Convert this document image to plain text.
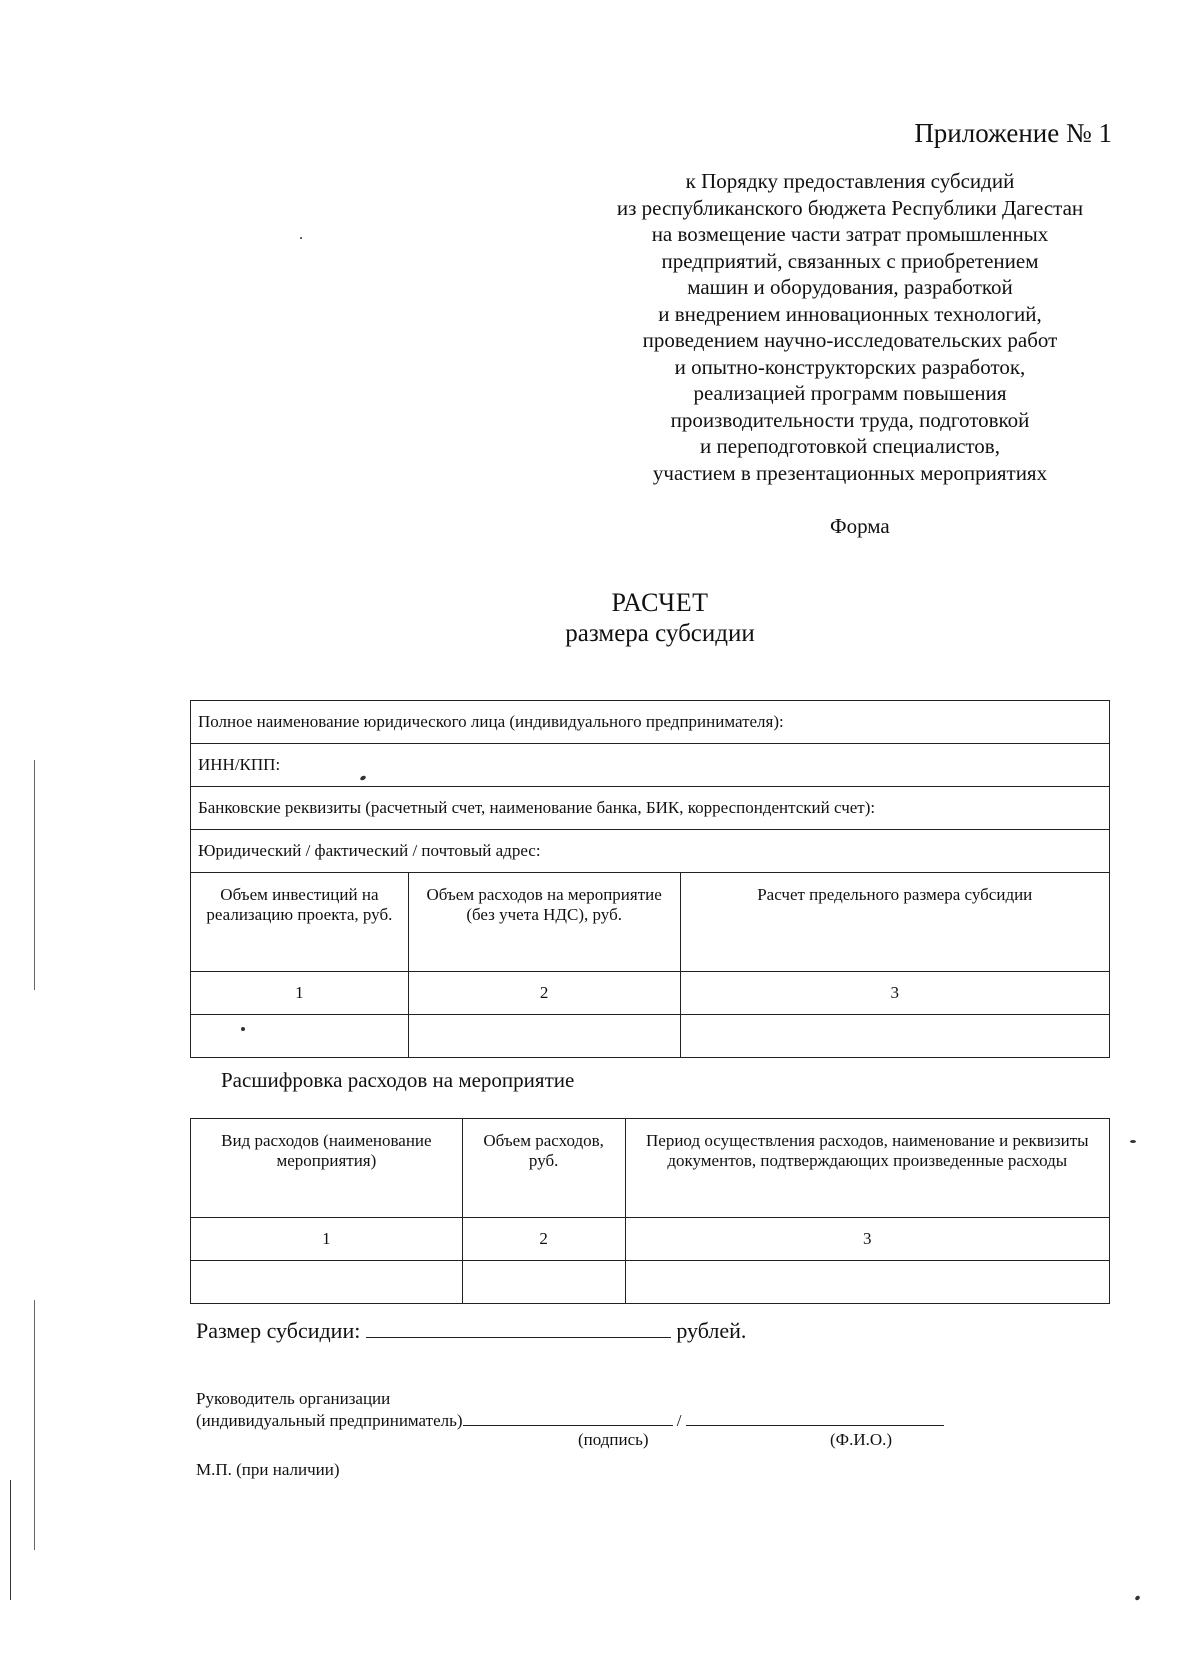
Приложение № 1
к Порядку предоставления субсидий
из республиканского бюджета Республики Дагестан
на возмещение части затрат промышленных
предприятий, связанных с приобретением
машин и оборудования, разработкой
и внедрением инновационных технологий,
проведением научно-исследовательских работ
и опытно-конструкторских разработок,
реализацией программ повышения
производительности труда, подготовкой
и переподготовкой специалистов,
участием в презентационных мероприятиях
Форма
РАСЧЕТ
размера субсидии
Полное наименование юридического лица (индивидуального предпринимателя):		
ИНН/КПП:		
Банковские реквизиты (расчетный счет, наименование банка, БИК, корреспондентский счет):		
Юридический / фактический / почтовый адрес:		
Объем инвестиций на реализацию проекта, руб.	Объем расходов на мероприятие (без учета НДС), руб.	Расчет предельного размера субсидии
1	2	3

Расшифровка расходов на мероприятие
Вид расходов (наименование мероприятия)	Объем расходов, руб.	Период осуществления расходов, наименование и реквизиты документов, подтверждающих произведенные расходы
1	2	3

Размер субсидии:	рублей.
Руководитель организации
(индивидуальный предприниматель)	/
(подпись)	(Ф.И.О.)
М.П. (при наличии)
